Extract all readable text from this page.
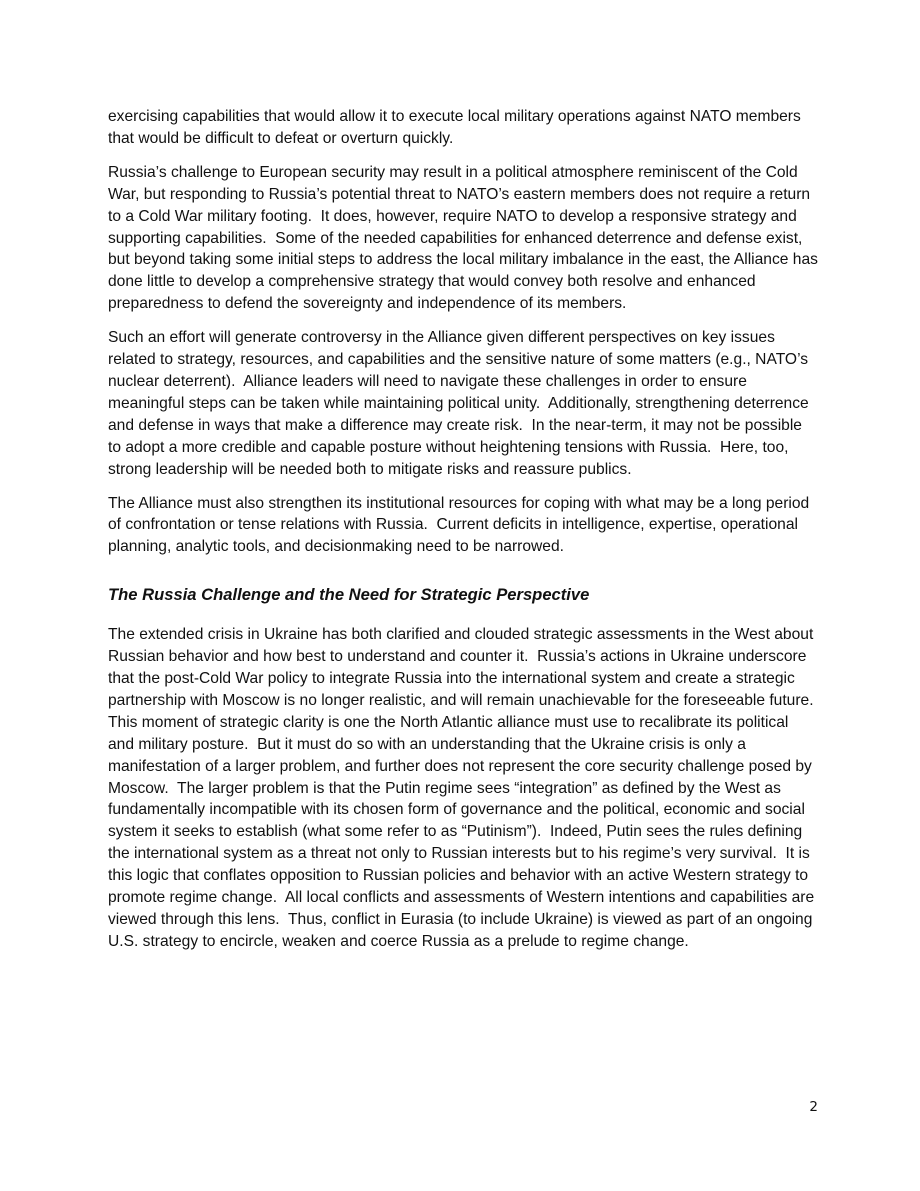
exercising capabilities that would allow it to execute local military operations against NATO members that would be difficult to defeat or overturn quickly.

Russia’s challenge to European security may result in a political atmosphere reminiscent of the Cold War, but responding to Russia’s potential threat to NATO’s eastern members does not require a return to a Cold War military footing.  It does, however, require NATO to develop a responsive strategy and supporting capabilities.  Some of the needed capabilities for enhanced deterrence and defense exist, but beyond taking some initial steps to address the local military imbalance in the east, the Alliance has done little to develop a comprehensive strategy that would convey both resolve and enhanced preparedness to defend the sovereignty and independence of its members.

Such an effort will generate controversy in the Alliance given different perspectives on key issues related to strategy, resources, and capabilities and the sensitive nature of some matters (e.g., NATO’s nuclear deterrent).  Alliance leaders will need to navigate these challenges in order to ensure meaningful steps can be taken while maintaining political unity.  Additionally, strengthening deterrence and defense in ways that make a difference may create risk.  In the near-term, it may not be possible to adopt a more credible and capable posture without heightening tensions with Russia.  Here, too, strong leadership will be needed both to mitigate risks and reassure publics.

The Alliance must also strengthen its institutional resources for coping with what may be a long period of confrontation or tense relations with Russia.  Current deficits in intelligence, expertise, operational planning, analytic tools, and decisionmaking need to be narrowed.

The Russia Challenge and the Need for Strategic Perspective

The extended crisis in Ukraine has both clarified and clouded strategic assessments in the West about Russian behavior and how best to understand and counter it.  Russia’s actions in Ukraine underscore that the post-Cold War policy to integrate Russia into the international system and create a strategic partnership with Moscow is no longer realistic, and will remain unachievable for the foreseeable future.   This moment of strategic clarity is one the North Atlantic alliance must use to recalibrate its political and military posture.  But it must do so with an understanding that the Ukraine crisis is only a manifestation of a larger problem, and further does not represent the core security challenge posed by Moscow.  The larger problem is that the Putin regime sees “integration” as defined by the West as fundamentally incompatible with its chosen form of governance and the political, economic and social system it seeks to establish (what some refer to as “Putinism”).  Indeed, Putin sees the rules defining the international system as a threat not only to Russian interests but to his regime’s very survival.  It is this logic that conflates opposition to Russian policies and behavior with an active Western strategy to promote regime change.  All local conflicts and assessments of Western intentions and capabilities are viewed through this lens.  Thus, conflict in Eurasia (to include Ukraine) is viewed as part of an ongoing U.S. strategy to encircle, weaken and coerce Russia as a prelude to regime change.

2
